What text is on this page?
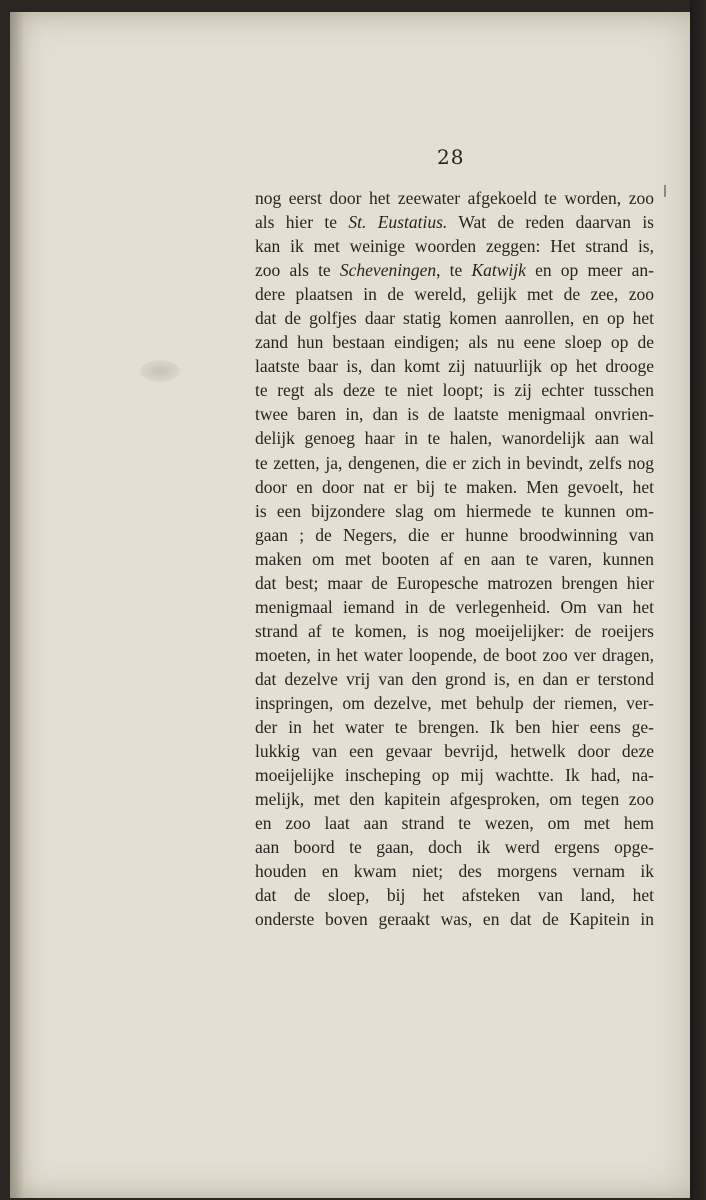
28
nog eerst door het zeewater afgekoeld te worden, zoo
als hier te St. Eustatius. Wat de reden daarvan is
kan ik met weinige woorden zeggen: Het strand is,
zoo als te Scheveningen, te Katwijk en op meer an-
dere plaatsen in de wereld, gelijk met de zee, zoo
dat de golfjes daar statig komen aanrollen, en op het
zand hun bestaan eindigen; als nu eene sloep op de
laatste baar is, dan komt zij natuurlijk op het drooge
te regt als deze te niet loopt; is zij echter tusschen
twee baren in, dan is de laatste menigmaal onvrien-
delijk genoeg haar in te halen, wanordelijk aan wal
te zetten, ja, dengenen, die er zich in bevindt, zelfs nog
door en door nat er bij te maken. Men gevoelt, het
is een bijzondere slag om hiermede te kunnen om-
gaan ; de Negers, die er hunne broodwinning van
maken om met booten af en aan te varen, kunnen
dat best; maar de Europesche matrozen brengen hier
menigmaal iemand in de verlegenheid. Om van het
strand af te komen, is nog moeijelijker: de roeijers
moeten, in het water loopende, de boot zoo ver dragen,
dat dezelve vrij van den grond is, en dan er terstond
inspringen, om dezelve, met behulp der riemen, ver-
der in het water te brengen. Ik ben hier eens ge-
lukkig van een gevaar bevrijd, hetwelk door deze
moeijelijke inscheping op mij wachtte. Ik had, na-
melijk, met den kapitein afgesproken, om tegen zoo
en zoo laat aan strand te wezen, om met hem
aan boord te gaan, doch ik werd ergens opge-
houden en kwam niet; des morgens vernam ik
dat de sloep, bij het afsteken van land, het
onderste boven geraakt was, en dat de Kapitein in
